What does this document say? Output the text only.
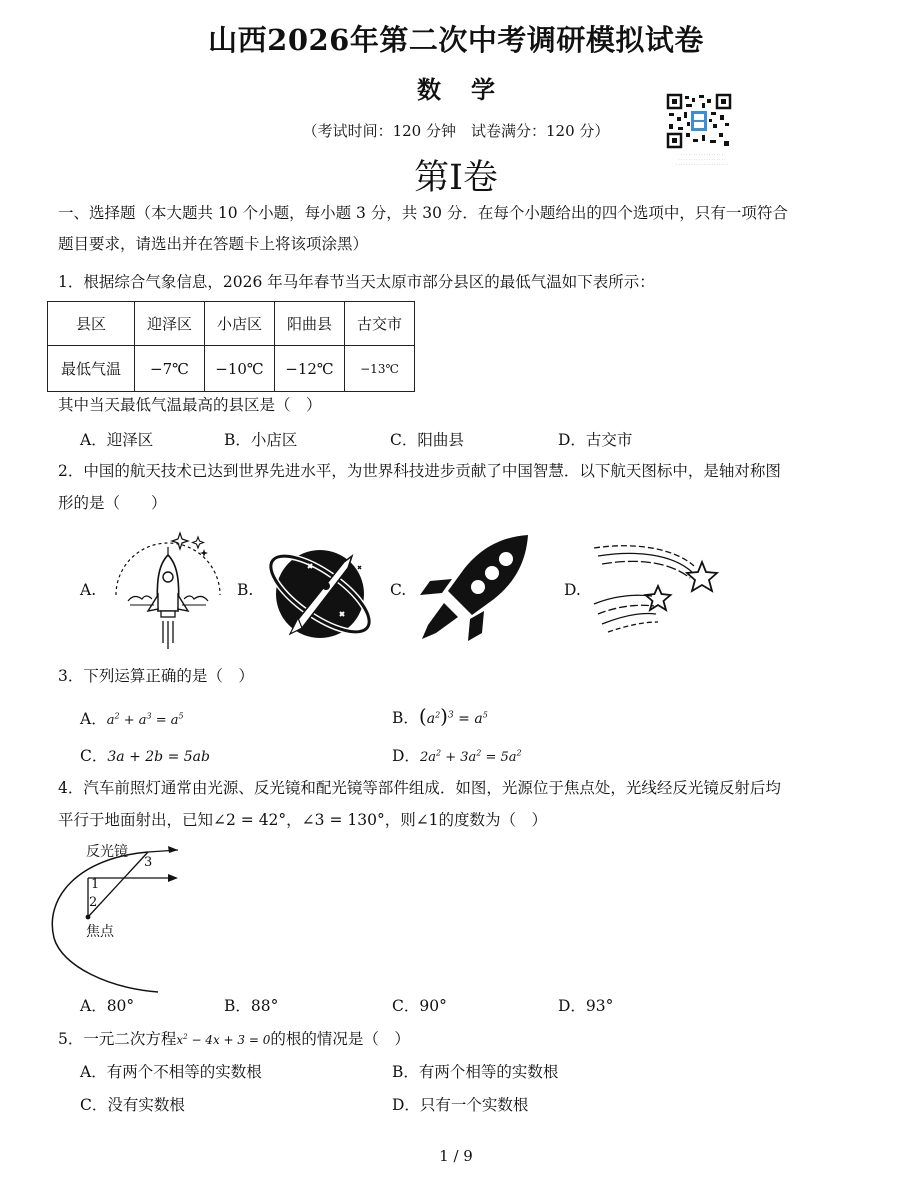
山西2026年第二次中考调研模拟试卷
数学
（考试时间：120 分钟　试卷满分：120 分）
第Ⅰ卷
. . . . . . . . . . . . . . . . .
. . . . . . . . . . . . . . . . . . .
. . . . . . . . . . . . . . . . . . . . .
一、选择题（本大题共 10 个小题，每小题 3 分，共 30 分．在每个小题给出的四个选项中，只有一项符合
题目要求，请选出并在答题卡上将该项涂黑）
1．根据综合气象信息，2026 年马年春节当天太原市部分县区的最低气温如下表所示：
县区	迎泽区	小店区	阳曲县	古交市
最低气温	−7℃	−10℃	−12℃	−13℃
其中当天最低气温最高的县区是（　）
A．迎泽区	B．小店区	C．阳曲县	D．古交市
2．中国的航天技术已达到世界先进水平，为世界科技进步贡献了中国智慧．以下航天图标中，是轴对称图
形的是（　　）
A.	B.	C.	D.
3．下列运算正确的是（　）
A．$a^2 + a^3 = a^5$	B．$(a^2)^3 = a^5$
C．3a + 2b = 5ab	D．$2a^2 + 3a^2 = 5a^2$
4．汽车前照灯通常由光源、反光镜和配光镜等部件组成．如图，光源位于焦点处，光线经反光镜反射后均
平行于地面射出，已知∠2 = 42°，∠3 = 130°，则∠1的度数为（　）
反光镜
焦点
1
2
3
A．80°	B．88°	C．90°	D．93°
5．一元二次方程$x^2 - 4x + 3 = 0$的根的情况是（　）
A．有两个不相等的实数根	B．有两个相等的实数根
C．没有实数根	D．只有一个实数根
1 / 9
